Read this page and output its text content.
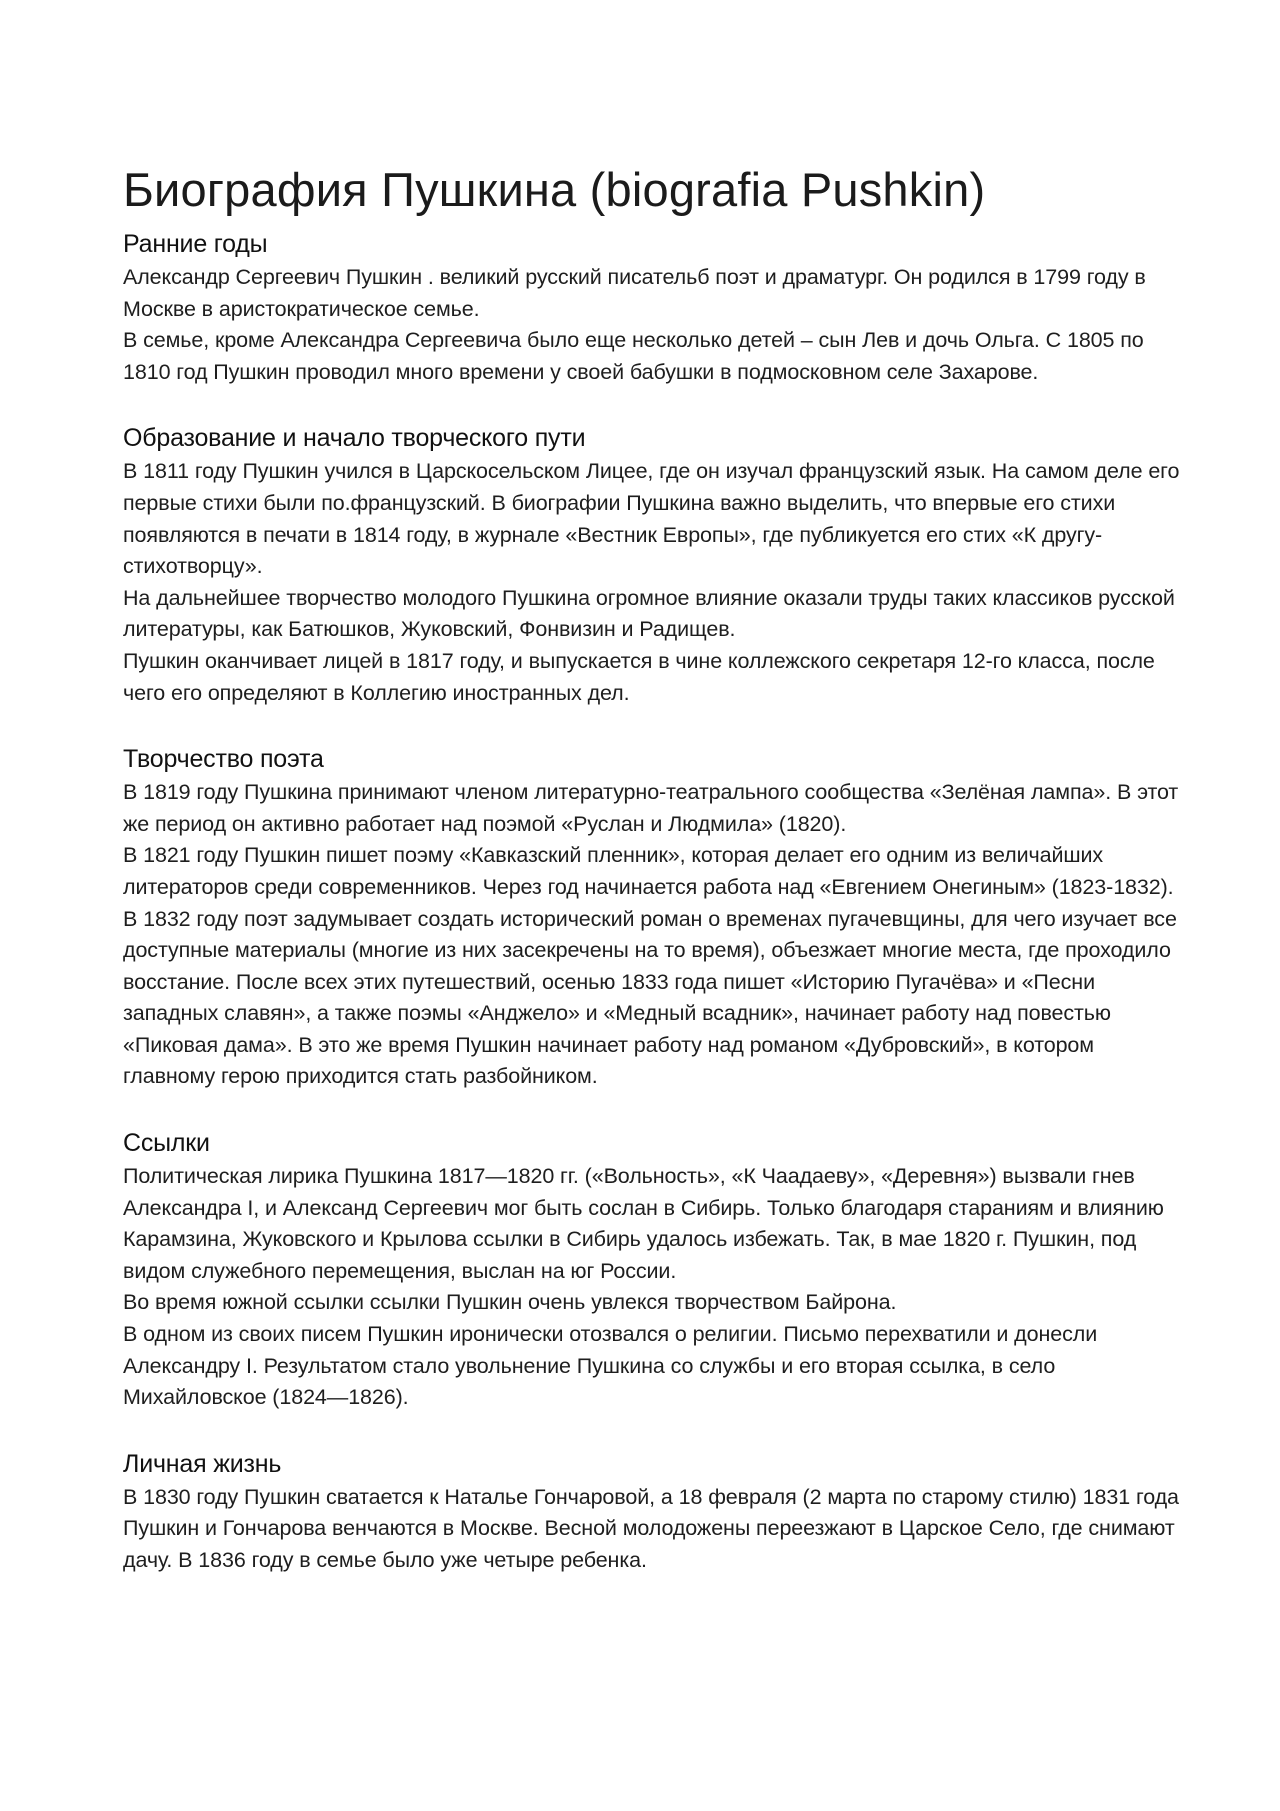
Биография Пушкина (biografia Pushkin)
Ранние годы

Александр Сергеевич Пушкин . великий русский писательб поэт и драматург. Он родился в 1799 году в Москве в аристократическое семье.

В семье, кроме Александра Сергеевича было еще несколько детей – сын Лев и дочь Ольга. С 1805 по 1810 год Пушкин проводил много времени у своей бабушки в подмосковном селе Захарове.

Образование и начало творческого пути

В 1811 году Пушкин учился в Царскосельском Лицее, где он изучал французский язык. На самом деле его первые стихи были по.французский. В биографии Пушкина важно выделить, что впервые его стихи появляются в печати в 1814 году, в журнале «Вестник Европы», где публикуется его стих «К другу-стихотворцу».

На дальнейшее творчество молодого Пушкина огромное влияние оказали труды таких классиков русской литературы, как Батюшков, Жуковский, Фонвизин и Радищев.

Пушкин оканчивает лицей в 1817 году, и выпускается в чине коллежского секретаря 12-го класса, после чего его определяют в Коллегию иностранных дел.

Творчество поэта

В 1819 году Пушкина принимают членом литературно-театрального сообщества «Зелёная лампа». В этот же период он активно работает над поэмой «Руслан и Людмила» (1820).

В 1821 году Пушкин пишет поэму «Кавказский пленник», которая делает его одним из величайших литераторов среди современников. Через год начинается работа над «Евгением Онегиным» (1823-1832).

В 1832 году поэт задумывает создать исторический роман о временах пугачевщины, для чего изучает все доступные материалы (многие из них засекречены на то время), объезжает многие места, где проходило восстание. После всех этих путешествий, осенью 1833 года пишет «Историю Пугачёва» и «Песни западных славян», а также поэмы «Анджело» и «Медный всадник», начинает работу над повестью «Пиковая дама». В это же время Пушкин начинает работу над романом «Дубровский», в котором главному герою приходится стать разбойником.

Ссылки

Политическая лирика Пушкина 1817—1820 гг. («Вольность», «К Чаадаеву», «Деревня») вызвали гнев Александра I, и Александ Сергеевич мог быть сослан в Сибирь. Только благодаря стараниям и влиянию Карамзина, Жуковского и Крылова ссылки в Сибирь удалось избежать. Так, в мае 1820 г. Пушкин, под видом служебного перемещения, выслан на юг России.

Во время южной ссылки ссылки Пушкин очень увлекся творчеством Байрона.

В одном из своих писем Пушкин иронически отозвался о религии. Письмо перехватили и донесли Александру I. Результатом стало увольнение Пушкина со службы и его вторая ссылка, в село Михайловское (1824—1826).

Личная жизнь

В 1830 году Пушкин сватается к Наталье Гончаровой, а 18 февраля (2 марта по старому стилю) 1831 года Пушкин и Гончарова венчаются в Москве. Весной молодожены переезжают в Царское Село, где снимают дачу. В 1836 году в семье было уже четыре ребенка.
